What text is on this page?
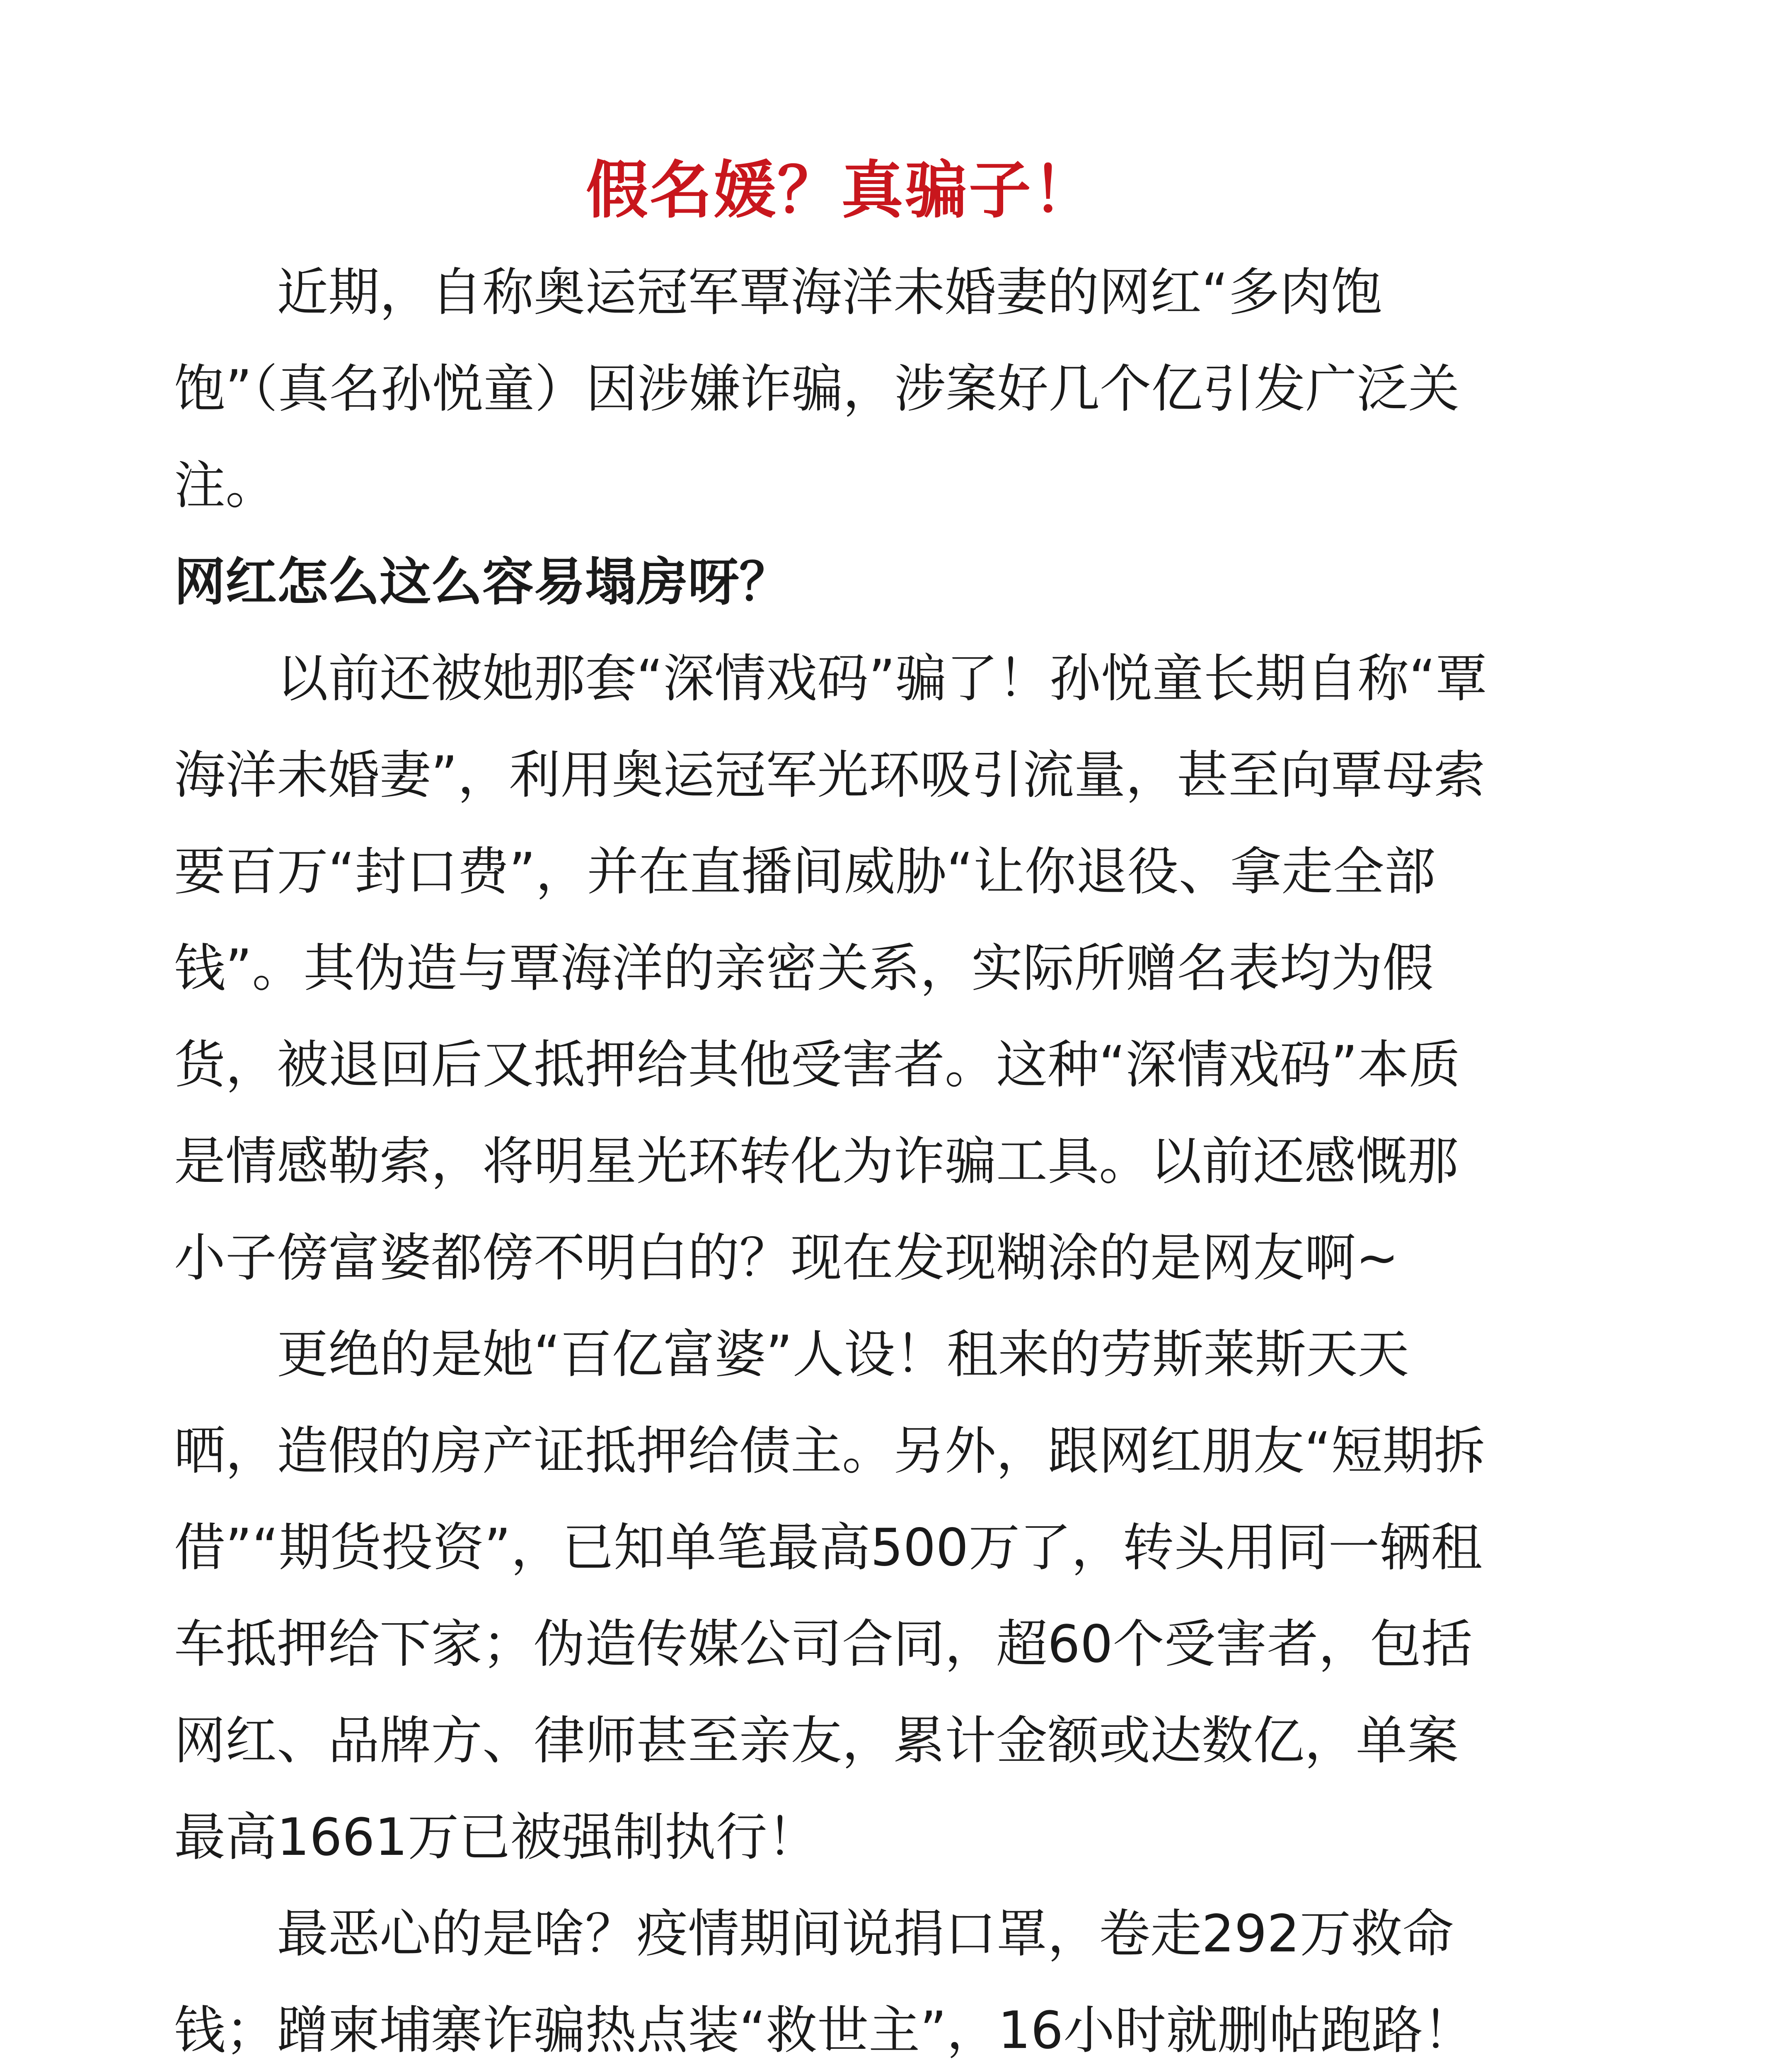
假名媛？真骗子！

近期，自称奥运冠军覃海洋未婚妻的网红“多肉饱饱”（真名孙悦童）因涉嫌诈骗，涉案好几个亿引发广泛关注。

网红怎么这么容易塌房呀？

以前还被她那套“深情戏码”骗了！孙悦童长期自称“覃海洋未婚妻”，利用奥运冠军光环吸引流量，甚至向覃母索要百万“封口费”，并在直播间威胁“让你退役、拿走全部钱”。其伪造与覃海洋的亲密关系，实际所赠名表均为假货，被退回后又抵押给其他受害者。这种“深情戏码”本质是情感勒索，将明星光环转化为诈骗工具。以前还感慨那小子傍富婆都傍不明白的？现在发现糊涂的是网友啊~

更绝的是她“百亿富婆”人设！租来的劳斯莱斯天天晒，造假的房产证抵押给债主。另外，跟网红朋友“短期拆借”“期货投资”，已知单笔最高500万了，转头用同一辆租车抵押给下家；伪造传媒公司合同，超60个受害者，包括网红、品牌方、律师甚至亲友，累计金额或达数亿，单案最高1661万已被强制执行！

最恶心的是啥？疫情期间说捐口罩，卷走292万救命钱；蹭柬埔寨诈骗热点装“救世主”，16小时就删帖跑路！
